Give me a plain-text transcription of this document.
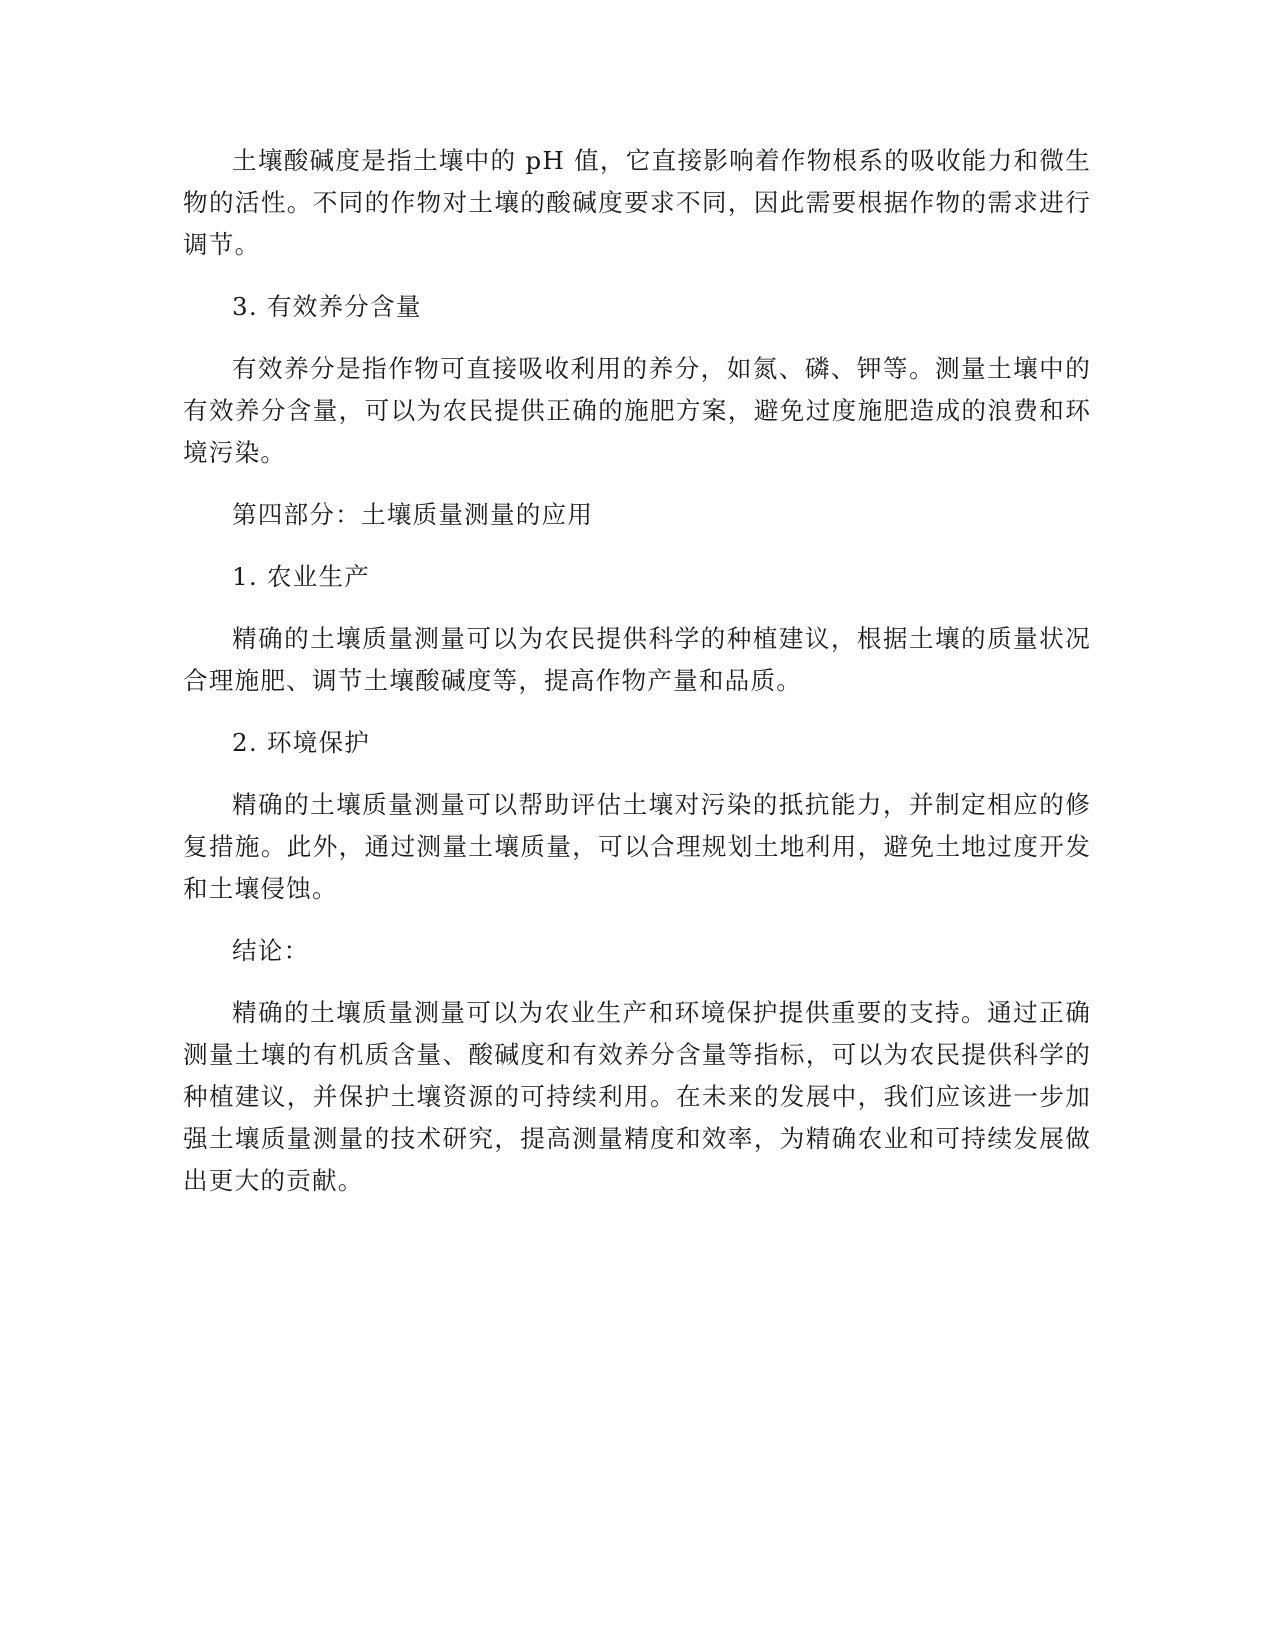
土壤酸碱度是指土壤中的 pH 值，它直接影响着作物根系的吸收能力和微生物的活性。不同的作物对土壤的酸碱度要求不同，因此需要根据作物的需求进行调节。

3. 有效养分含量

有效养分是指作物可直接吸收利用的养分，如氮、磷、钾等。测量土壤中的有效养分含量，可以为农民提供正确的施肥方案，避免过度施肥造成的浪费和环境污染。

第四部分：土壤质量测量的应用

1. 农业生产

精确的土壤质量测量可以为农民提供科学的种植建议，根据土壤的质量状况合理施肥、调节土壤酸碱度等，提高作物产量和品质。

2. 环境保护

精确的土壤质量测量可以帮助评估土壤对污染的抵抗能力，并制定相应的修复措施。此外，通过测量土壤质量，可以合理规划土地利用，避免土地过度开发和土壤侵蚀。

结论：

精确的土壤质量测量可以为农业生产和环境保护提供重要的支持。通过正确测量土壤的有机质含量、酸碱度和有效养分含量等指标，可以为农民提供科学的种植建议，并保护土壤资源的可持续利用。在未来的发展中，我们应该进一步加强土壤质量测量的技术研究，提高测量精度和效率，为精确农业和可持续发展做出更大的贡献。
